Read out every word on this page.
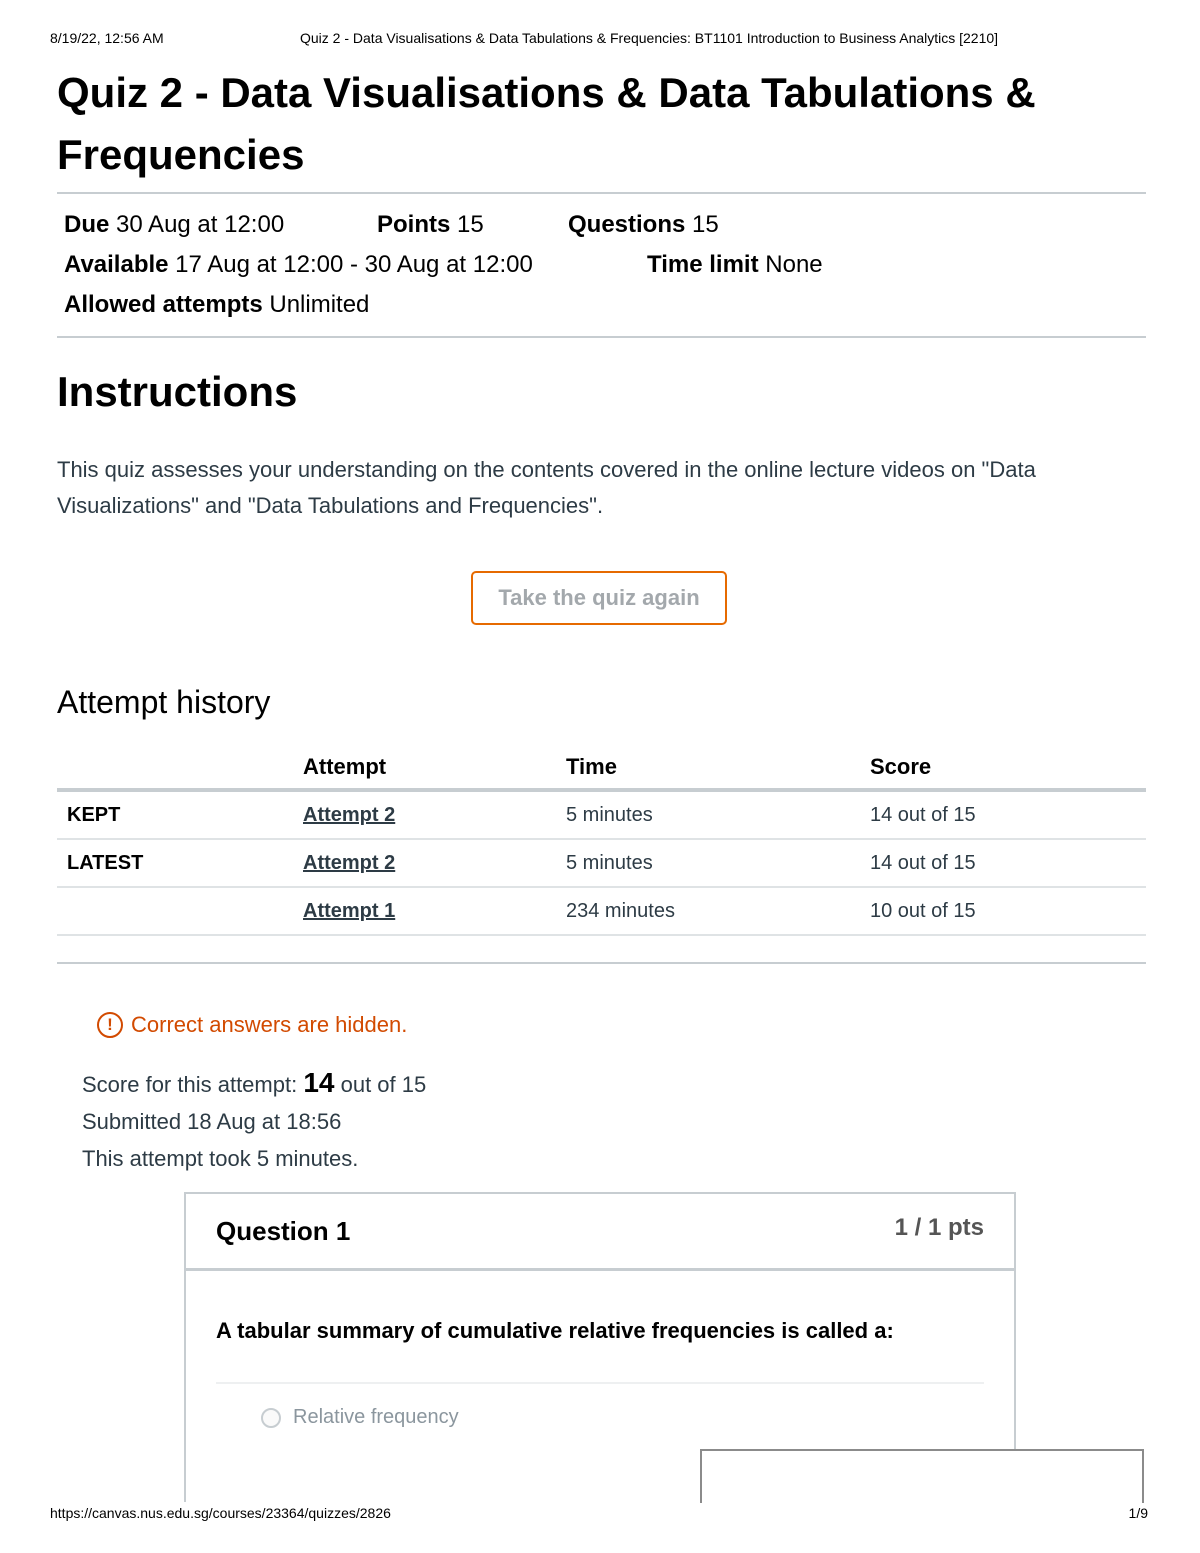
8/19/22, 12:56 AM	Quiz 2 - Data Visualisations & Data Tabulations & Frequencies: BT1101 Introduction to Business Analytics [2210]
Quiz 2 - Data Visualisations & Data Tabulations & Frequencies
Due 30 Aug at 12:00	Points 15	Questions 15
Available 17 Aug at 12:00 - 30 Aug at 12:00	Time limit None
Allowed attempts Unlimited
Instructions
This quiz assesses your understanding on the contents covered in the online lecture videos on "Data Visualizations" and "Data Tabulations and Frequencies".
Take the quiz again
Attempt history
	Attempt	Time	Score
KEPT	Attempt 2	5 minutes	14 out of 15
LATEST	Attempt 2	5 minutes	14 out of 15
	Attempt 1	234 minutes	10 out of 15
! Correct answers are hidden.
Score for this attempt: 14 out of 15
Submitted 18 Aug at 18:56
This attempt took 5 minutes.
Question 1	1 / 1 pts
A tabular summary of cumulative relative frequencies is called a:
Relative frequency
https://canvas.nus.edu.sg/courses/23364/quizzes/2826	1/9
